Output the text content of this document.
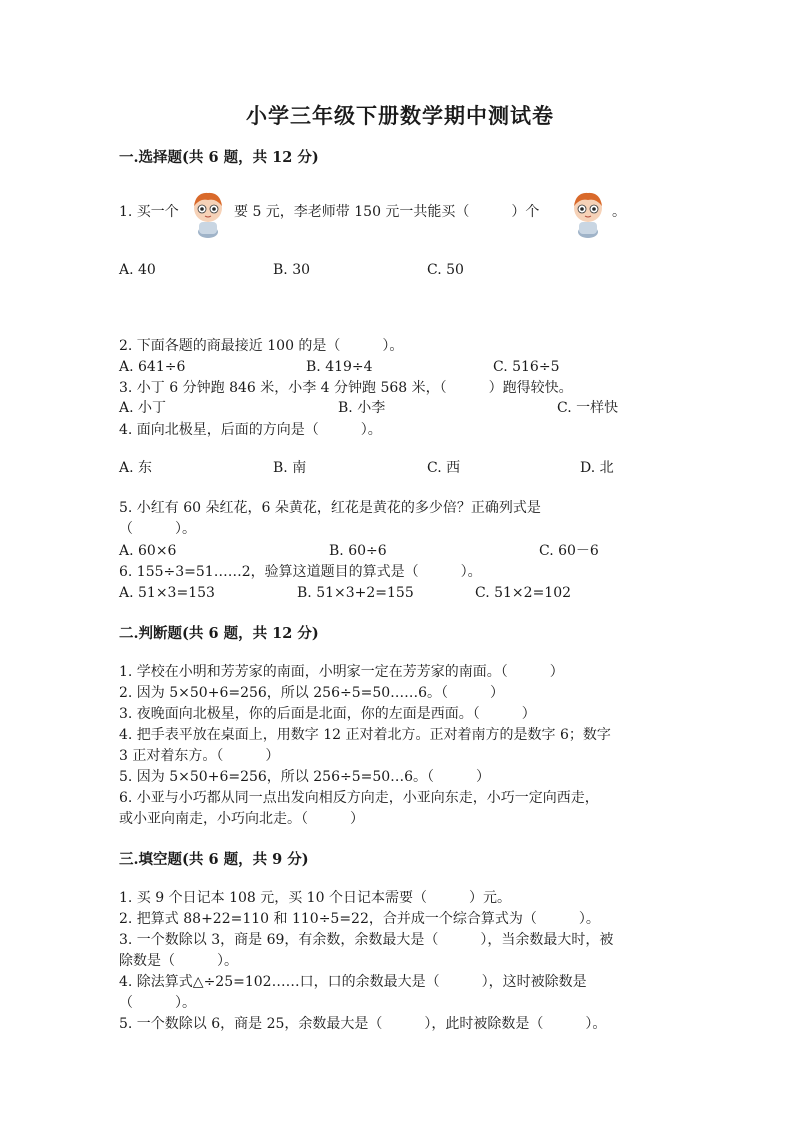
小学三年级下册数学期中测试卷
一.选择题(共 6 题，共 12 分)
1. 买一个	要 5 元，李老师带 150 元一共能买（　　　）个	。
A. 40	B. 30	C. 50
2. 下面各题的商最接近 100 的是（　　　）。
A. 641÷6	B. 419÷4	C. 516÷5
3. 小丁 6 分钟跑 846 米，小李 4 分钟跑 568 米，（　　　）跑得较快。
A. 小丁	B. 小李	C. 一样快
4. 面向北极星，后面的方向是（　　　）。
A. 东	B. 南	C. 西	D. 北
5. 小红有 60 朵红花，6 朵黄花，红花是黄花的多少倍？正确列式是
（　　　）。
A. 60×6	B. 60÷6	C. 60－6
6. 155÷3=51……2，验算这道题目的算式是（　　　）。
A. 51×3=153	B. 51×3+2=155	C. 51×2=102
二.判断题(共 6 题，共 12 分)
1. 学校在小明和芳芳家的南面，小明家一定在芳芳家的南面。（　　　）
2. 因为 5×50+6=256，所以 256÷5=50……6。（　　　）
3. 夜晚面向北极星，你的后面是北面，你的左面是西面。（　　　）
4. 把手表平放在桌面上，用数字 12 正对着北方。正对着南方的是数字 6；数字
3 正对着东方。（　　　）
5. 因为 5×50+6=256，所以 256÷5=50…6。（　　　）
6. 小亚与小巧都从同一点出发向相反方向走，小亚向东走，小巧一定向西走，
或小亚向南走，小巧向北走。（　　　）
三.填空题(共 6 题，共 9 分)
1. 买 9 个日记本 108 元，买 10 个日记本需要（　　　）元。
2. 把算式 88+22=110 和 110÷5=22，合并成一个综合算式为（　　　）。
3. 一个数除以 3，商是 69，有余数，余数最大是（　　　），当余数最大时，被
除数是（　　　）。
4. 除法算式△÷25=102……口，口的余数最大是（　　　），这时被除数是
（　　　）。
5. 一个数除以 6，商是 25，余数最大是（　　　），此时被除数是（　　　）。
